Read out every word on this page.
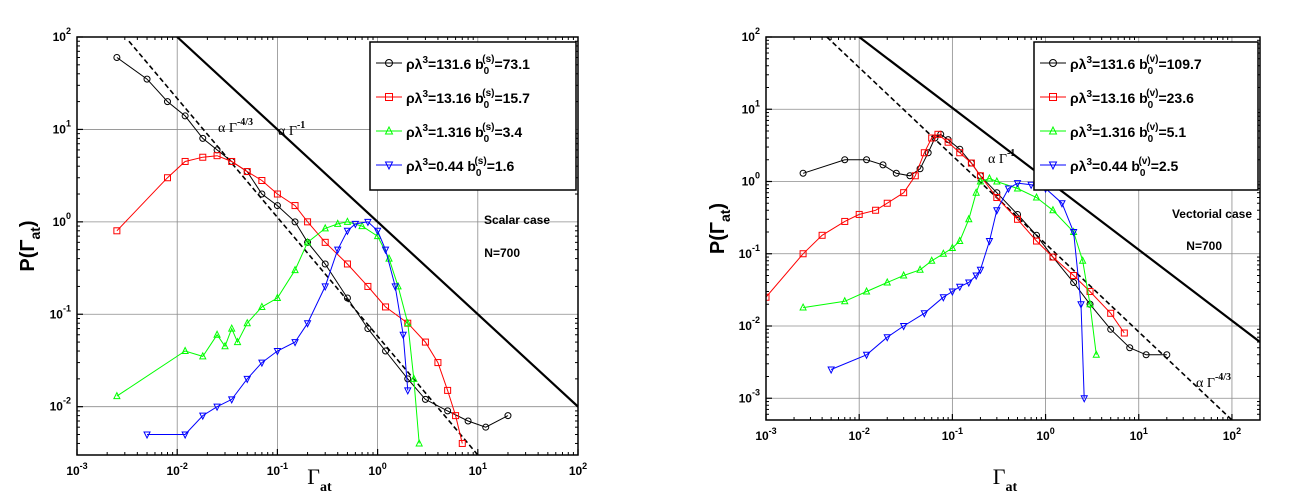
$10^{-3}$	$10^{-2}$	$10^{-1}$	$10^0$	$10^1$	$10^2$
$10^{-2}$
$10^{-1}$
$10^0$
$10^1$
$10^2$
α $\Gamma^{-1}$
α $\Gamma^{-4/3}$
$\rho\lambda^3=131.6$ $b_0(s)=73.1$
$\rho\lambda^3=13.16$ $b_0(s)=15.7$
$\rho\lambda^3=1.316$ $b_0(s)=3.4$
$\rho\lambda^3=0.44$ $b_0(s)=1.6$
Scalar case
N=700
$P(\Gamma_{at})$
$\Gamma_{at}$
$10^{-3}$	$10^{-2}$	$10^{-1}$	$10^0$	$10^1$	$10^2$
$10^{-3}$
$10^{-2}$
$10^{-1}$
$10^0$
$10^1$
$10^2$
α $\Gamma^{-1}$
α $\Gamma^{-4/3}$
$\rho\lambda^3=131.6$ $b_0(v)=109.7$
$\rho\lambda^3=13.16$ $b_0(v)=23.6$
$\rho\lambda^3=1.316$ $b_0(v)=5.1$
$\rho\lambda^3=0.44$ $b_0(v)=2.5$
Vectorial case
N=700
$P(\Gamma_{at})$
$\Gamma_{at}$
